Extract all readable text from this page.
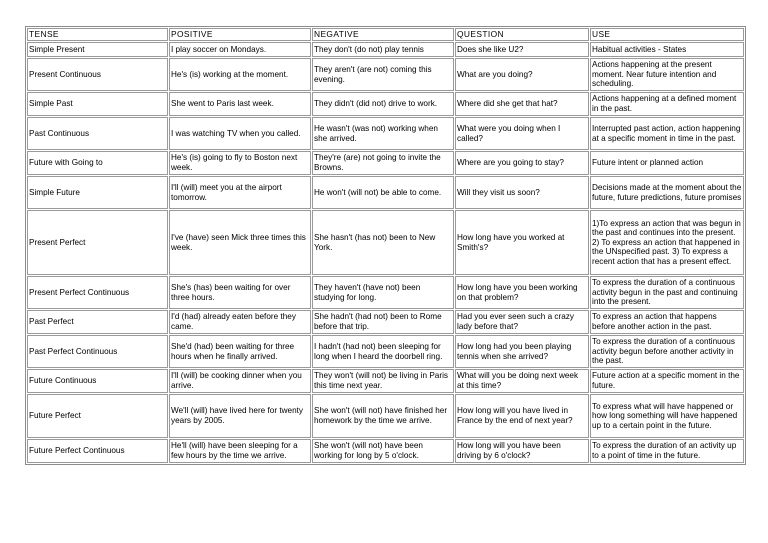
TENSE	POSITIVE	NEGATIVE	QUESTION	USE
Simple Present	I play soccer on Mondays.	They don't (do not) play tennis	Does she like U2?	Habitual activities - States
Present Continuous	He's (is) working at the moment.	They aren't (are not) coming this evening.	What are you doing?	Actions happening at the present moment. Near future intention and scheduling.
Simple Past	She went to Paris last week.	They didn't (did not) drive to work.	Where did she get that hat?	Actions happening at a defined moment in the past.
Past Continuous	I was watching TV when you called.	He wasn't (was not) working when she arrived.	What were you doing when I called?	Interrupted past action, action happening at a specific moment in time in the past.
Future with Going to	He's (is) going to fly to Boston next week.	They're (are) not going to invite the Browns.	Where are you going to stay?	Future intent or planned action
Simple Future	I'll (will) meet you at the airport tomorrow.	He won't (will not) be able to come.	Will they visit us soon?	Decisions made at the moment about the future, future predictions, future promises
Present Perfect	I've (have) seen Mick three times this week.	She hasn't (has not) been to New York.	How long have you worked at Smith's?	1)To express an action that was begun in the past and continues into the present. 2) To express an action that happened in the UNspecified past. 3) To express a recent action that has a present effect.
Present Perfect Continuous	She's (has) been waiting for over three hours.	They haven't (have not) been studying for long.	How long have you been working on that problem?	To express the duration of a continuous activity begun in the past and continuing into the present.
Past Perfect	I'd (had) already eaten before they came.	She hadn't (had not) been to Rome before that trip.	Had you ever seen such a crazy lady before that?	To express an action that happens before another action in the past.
Past Perfect Continuous	She'd (had) been waiting for three hours when he finally arrived.	I hadn't (had not) been sleeping for long when I heard the doorbell ring.	How long had you been playing tennis when she arrived?	To express the duration of a continuous activity begun before another activity in the past.
Future Continuous	I'll (will) be cooking dinner when you arrive.	They won't (will not) be living in Paris this time next year.	What will you be doing next week at this time?	Future action at a specific moment in the future.
Future Perfect	We'll (will) have lived here for twenty years by 2005.	She won't (will not) have finished her homework by the time we arrive.	How long will you have lived in France by the end of next year?	To express what will have happened or how long something will have happened up to a certain point in the future.
Future Perfect Continuous	He'll (will) have been sleeping for a few hours by the time we arrive.	She won't (will not) have been working for long by 5 o'clock.	How long will you have been driving by 6 o'clock?	To express the duration of an activity up to a point of time in the future.
